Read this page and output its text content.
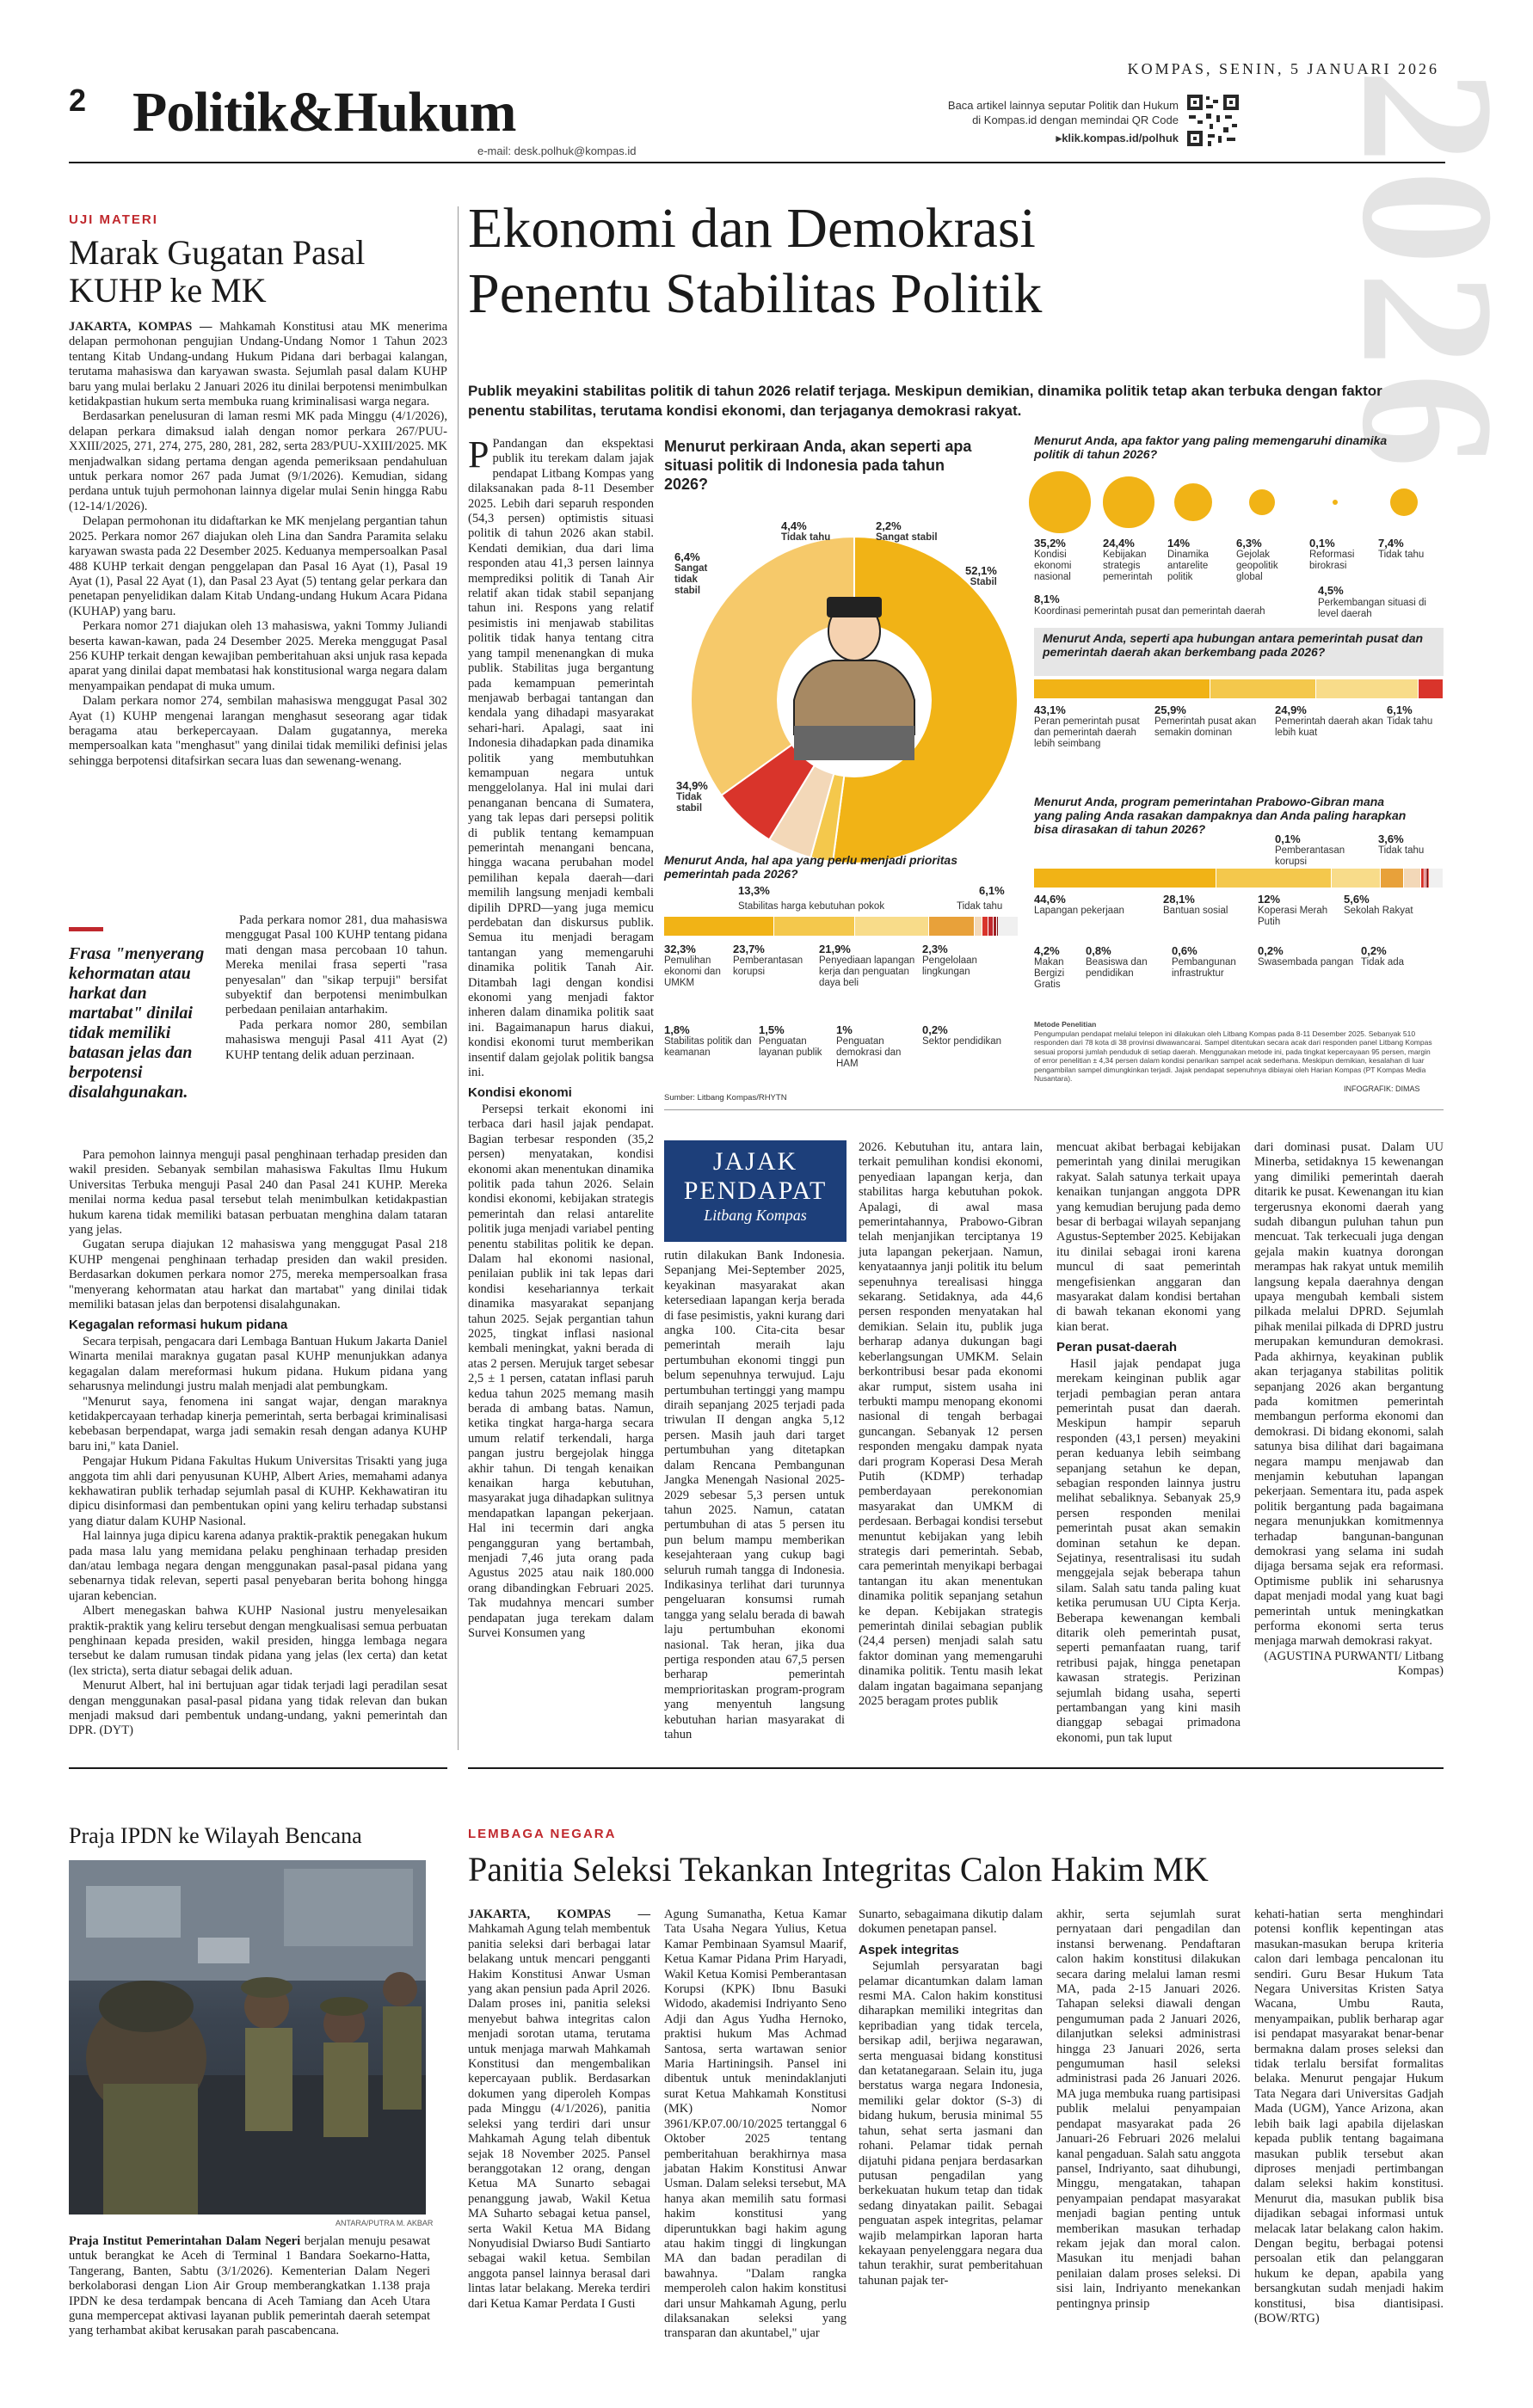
2 Politik&Hukum
e-mail: desk.polhuk@kompas.id
KOMPAS, SENIN, 5 JANUARI 2026
Baca artikel lainnya seputar Politik dan Hukum
di Kompas.id dengan memindai QR Code
▸klik.kompas.id/polhuk 2026
UJI MATERI
Marak Gugatan Pasal KUHP ke MK

JAKARTA, KOMPAS — Mahkamah Konstitusi atau MK menerima delapan permohonan pengujian Undang-Undang Nomor 1 Tahun 2023 tentang Kitab Undang-undang Hukum Pidana dari berbagai kalangan, terutama mahasiswa dan karyawan swasta. Sejumlah pasal dalam KUHP baru yang mulai berlaku 2 Januari 2026 itu dinilai berpotensi menimbulkan ketidakpastian hukum serta membuka ruang kriminalisasi warga negara.

Berdasarkan penelusuran di laman resmi MK pada Minggu (4/1/2026), delapan perkara dimaksud ialah dengan nomor perkara 267/PUU-XXIII/2025, 271, 274, 275, 280, 281, 282, serta 283/PUU-XXIII/2025. MK menjadwalkan sidang pertama dengan agenda pemeriksaan pendahuluan untuk perkara nomor 267 pada Jumat (9/1/2026). Kemudian, sidang perdana untuk tujuh permohonan lainnya digelar mulai Senin hingga Rabu (12-14/1/2026).

Delapan permohonan itu didaftarkan ke MK menjelang pergantian tahun 2025. Perkara nomor 267 diajukan oleh Lina dan Sandra Paramita selaku karyawan swasta pada 22 Desember 2025. Keduanya mempersoalkan Pasal 488 KUHP terkait dengan penggelapan dan Pasal 16 Ayat (1), Pasal 19 Ayat (1), Pasal 22 Ayat (1), dan Pasal 23 Ayat (5) tentang gelar perkara dan penetapan penyelidikan dalam Kitab Undang-undang Hukum Acara Pidana (KUHAP) yang baru.

Perkara nomor 271 diajukan oleh 13 mahasiswa, yakni Tommy Juliandi beserta kawan-kawan, pada 24 Desember 2025. Mereka menggugat Pasal 256 KUHP terkait dengan kewajiban pemberitahuan aksi unjuk rasa kepada aparat yang dinilai dapat membatasi hak konstitusional warga negara dalam menyampaikan pendapat di muka umum.

Dalam perkara nomor 274, sembilan mahasiswa menggugat Pasal 302 Ayat (1) KUHP mengenai larangan menghasut seseorang agar tidak beragama atau berkepercayaan. Dalam gugatannya, mereka mempersoalkan kata "menghasut" yang dinilai tidak memiliki definisi jelas sehingga berpotensi ditafsirkan secara luas dan sewenang-wenang.

Frasa "menyerang kehormatan atau harkat dan martabat" dinilai tidak memiliki batasan jelas dan berpotensi disalahgunakan.

Pada perkara nomor 281, dua mahasiswa menggugat Pasal 100 KUHP tentang pidana mati dengan masa percobaan 10 tahun. Mereka menilai frasa seperti "rasa penyesalan" dan "sikap terpuji" bersifat subyektif dan berpotensi menimbulkan perbedaan penilaian antarhakim.

Pada perkara nomor 280, sembilan mahasiswa menguji Pasal 411 Ayat (2) KUHP tentang delik aduan perzinaan.

Para pemohon lainnya menguji pasal penghinaan terhadap presiden dan wakil presiden. Sebanyak sembilan mahasiswa Fakultas Ilmu Hukum Universitas Terbuka menguji Pasal 240 dan Pasal 241 KUHP. Mereka menilai norma kedua pasal tersebut telah menimbulkan ketidakpastian hukum karena tidak memiliki batasan perbuatan menghina dalam tataran yang jelas.

Gugatan serupa diajukan 12 mahasiswa yang menggugat Pasal 218 KUHP mengenai penghinaan terhadap presiden dan wakil presiden. Berdasarkan dokumen perkara nomor 275, mereka mempersoalkan frasa "menyerang kehormatan atau harkat dan martabat" yang dinilai tidak memiliki batasan jelas dan berpotensi disalahgunakan.

Kegagalan reformasi hukum pidana

Secara terpisah, pengacara dari Lembaga Bantuan Hukum Jakarta Daniel Winarta menilai maraknya gugatan pasal KUHP menunjukkan adanya kegagalan dalam mereformasi hukum pidana. Hukum pidana yang seharusnya melindungi justru malah menjadi alat pembungkam.

"Menurut saya, fenomena ini sangat wajar, dengan maraknya ketidakpercayaan terhadap kinerja pemerintah, serta berbagai kriminalisasi kebebasan berpendapat, warga jadi semakin resah dengan adanya KUHP baru ini," kata Daniel.

Pengajar Hukum Pidana Fakultas Hukum Universitas Trisakti yang juga anggota tim ahli dari penyusunan KUHP, Albert Aries, memahami adanya kekhawatiran publik terhadap sejumlah pasal di KUHP. Kekhawatiran itu dipicu disinformasi dan pembentukan opini yang keliru terhadap substansi yang diatur dalam KUHP Nasional.

Hal lainnya juga dipicu karena adanya praktik-praktik penegakan hukum pada masa lalu yang memidana pelaku penghinaan terhadap presiden dan/atau lembaga negara dengan menggunakan pasal-pasal pidana yang sebenarnya tidak relevan, seperti pasal penyebaran berita bohong hingga ujaran kebencian.

Albert menegaskan bahwa KUHP Nasional justru menyelesaikan praktik-praktik yang keliru tersebut dengan mengkualisasi semua perbuatan penghinaan kepada presiden, wakil presiden, hingga lembaga negara tersebut ke dalam rumusan tindak pidana yang jelas (lex certa) dan ketat (lex stricta), serta diatur sebagai delik aduan.

Menurut Albert, hal ini bertujuan agar tidak terjadi lagi peradilan sesat dengan menggunakan pasal-pasal pidana yang tidak relevan dan bukan menjadi maksud dari pembentuk undang-undang, yakni pemerintah dan DPR. (DYT)

Praja IPDN ke Wilayah Bencana
ANTARA/PUTRA M. AKBAR
Praja Institut Pemerintahan Dalam Negeri berjalan menuju pesawat untuk berangkat ke Aceh di Terminal 1 Bandara Soekarno-Hatta, Tangerang, Banten, Sabtu (3/1/2026). Kementerian Dalam Negeri berkolaborasi dengan Lion Air Group memberangkatkan 1.138 praja IPDN ke desa terdampak bencana di Aceh Tamiang dan Aceh Utara guna mempercepat aktivasi layanan publik pemerintah daerah setempat yang terhambat akibat kerusakan parah pascabencana.
Ekonomi dan Demokrasi
Penentu Stabilitas Politik
Publik meyakini stabilitas politik di tahun 2026 relatif terjaga. Meskipun demikian, dinamika politik tetap akan terbuka dengan faktor penentu stabilitas, terutama kondisi ekonomi, dan terjaganya demokrasi rakyat.

P Pandangan dan ekspektasi publik itu terekam dalam jajak pendapat Litbang Kompas yang dilaksanakan pada 8-11 Desember 2025. Lebih dari separuh responden (54,3 persen) optimistis situasi politik di tahun 2026 akan stabil. Kendati demikian, dua dari lima responden atau 41,3 persen lainnya memprediksi politik di Tanah Air relatif akan tidak stabil sepanjang tahun ini. Respons yang relatif pesimistis ini menjawab stabilitas politik tidak hanya tentang citra yang tampil menenangkan di muka publik. Stabilitas juga bergantung pada kemampuan pemerintah menjawab berbagai tantangan dan kendala yang dihadapi masyarakat sehari-hari. Apalagi, saat ini Indonesia dihadapkan pada dinamika politik yang membutuhkan kemampuan negara untuk menggelolanya. Hal ini mulai dari penanganan bencana di Sumatera, yang tak lepas dari persepsi politik di publik tentang kemampuan pemerintah menangani bencana, hingga wacana perubahan model pemilihan kepala daerah—dari memilih langsung menjadi kembali dipilih DPRD—yang juga memicu perdebatan dan diskursus publik. Semua itu menjadi beragam tantangan yang memengaruhi dinamika politik Tanah Air. Ditambah lagi dengan kondisi ekonomi yang menjadi faktor inheren dalam dinamika politik saat ini. Bagaimanapun harus diakui, kondisi ekonomi turut memberikan insentif dalam gejolak politik bangsa ini.

Kondisi ekonomi

Persepsi terkait ekonomi ini terbaca dari hasil jajak pendapat. Bagian terbesar responden (35,2 persen) menyatakan, kondisi ekonomi akan menentukan dinamika politik pada tahun 2026. Selain kondisi ekonomi, kebijakan strategis pemerintah dan relasi antarelite politik juga menjadi variabel penting penentu stabilitas politik ke depan. Dalam hal ekonomi nasional, penilaian publik ini tak lepas dari kondisi kesehariannya terkait dinamika masyarakat sepanjang tahun 2025. Sejak pergantian tahun 2025, tingkat inflasi nasional kembali meningkat, yakni berada di atas 2 persen. Merujuk target sebesar 2,5 ± 1 persen, catatan inflasi paruh kedua tahun 2025 memang masih berada di ambang batas. Namun, ketika tingkat harga-harga secara umum relatif terkendali, harga pangan justru bergejolak hingga akhir tahun. Di tengah kenaikan kenaikan harga kebutuhan, masyarakat juga dihadapkan sulitnya mendapatkan lapangan pekerjaan. Hal ini tecermin dari angka pengangguran yang bertambah, menjadi 7,46 juta orang pada Agustus 2025 atau naik 180.000 orang dibandingkan Februari 2025. Tak mudahnya mencari sumber pendapatan juga terekam dalam Survei Konsumen yang

Menurut perkiraan Anda, akan seperti apa situasi politik di Indonesia pada tahun 2026?
52,1%
Stabil
2,2%
Sangat stabil
4,4%
Tidak tahu
6,4%
Sangat tidak stabil
34,9%
Tidak stabil
Menurut Anda, hal apa yang perlu menjadi prioritas pemerintah pada 2026?
13,3%
Stabilitas harga kebutuhan pokok
6,1%
Tidak tahu
32,3%
Pemulihan ekonomi dan UMKM
23,7%
Pemberantasan korupsi
21,9%
Penyediaan lapangan kerja dan penguatan daya beli
2,3%
Pengelolaan lingkungan
1,8%
Stabilitas politik dan keamanan
1,5%
Penguatan layanan publik
1%
Penguatan demokrasi dan HAM
0,2%
Sektor pendidikan
Sumber: Litbang Kompas/RHYTN
Menurut Anda, apa faktor yang paling memengaruhi dinamika politik di tahun 2026?
35,2%
Kondisi ekonomi nasional
24,4%
Kebijakan strategis pemerintah
14%
Dinamika antarelite politik
6,3%
Gejolak geopolitik global
0,1%
Reformasi birokrasi
7,4%
Tidak tahu
8,1%
Koordinasi pemerintah pusat dan pemerintah daerah
4,5%
Perkembangan situasi di level daerah
Menurut Anda, seperti apa hubungan antara pemerintah pusat dan pemerintah daerah akan berkembang pada 2026?
43,1%
Peran pemerintah pusat dan pemerintah daerah lebih seimbang
25,9%
Pemerintah pusat akan semakin dominan
24,9%
Pemerintah daerah akan lebih kuat
6,1%
Tidak tahu
Menurut Anda, program pemerintahan Prabowo-Gibran mana yang paling Anda rasakan dampaknya dan Anda paling harapkan bisa dirasakan di tahun 2026?
0,1%
Pemberantasan korupsi
3,6%
Tidak tahu
44,6%
Lapangan pekerjaan
28,1%
Bantuan sosial
12%
Koperasi Merah Putih
5,6%
Sekolah Rakyat
4,2%
Makan Bergizi Gratis
0,8%
Beasiswa dan pendidikan
0,6%
Pembangunan infrastruktur
0,2%
Swasembada pangan
0,2%
Tidak ada
Metode Penelitian
Pengumpulan pendapat melalui telepon ini dilakukan oleh Litbang Kompas pada 8-11 Desember 2025. Sebanyak 510 responden dari 78 kota di 38 provinsi diwawancarai. Sampel ditentukan secara acak dari responden panel Litbang Kompas sesuai proporsi jumlah penduduk di setiap daerah. Menggunakan metode ini, pada tingkat kepercayaan 95 persen, margin of error penelitian ± 4,34 persen dalam kondisi penarikan sampel acak sederhana. Meskipun demikian, kesalahan di luar pengambilan sampel dimungkinkan terjadi. Jajak pendapat sepenuhnya dibiayai oleh Harian Kompas (PT Kompas Media Nusantara).
INFOGRAFIK: DIMAS
JAJAK
PENDAPAT
Litbang Kompas
rutin dilakukan Bank Indonesia. Sepanjang Mei-September 2025, keyakinan masyarakat akan ketersediaan lapangan kerja berada di fase pesimistis, yakni kurang dari angka 100. Cita-cita besar pemerintah meraih laju pertumbuhan ekonomi tinggi pun belum sepenuhnya terwujud. Laju pertumbuhan tertinggi yang mampu diraih sepanjang 2025 terjadi pada triwulan II dengan angka 5,12 persen. Masih jauh dari target pertumbuhan yang ditetapkan dalam Rencana Pembangunan Jangka Menengah Nasional 2025-2029 sebesar 5,3 persen untuk tahun 2025. Namun, catatan pertumbuhan di atas 5 persen itu pun belum mampu memberikan kesejahteraan yang cukup bagi seluruh rumah tangga di Indonesia. Indikasinya terlihat dari turunnya pengeluaran konsumsi rumah tangga yang selalu berada di bawah laju pertumbuhan ekonomi nasional. Tak heran, jika dua pertiga responden atau 67,5 persen berharap pemerintah memprioritaskan program-program yang menyentuh langsung kebutuhan harian masyarakat di tahun
2026. Kebutuhan itu, antara lain, terkait pemulihan kondisi ekonomi, penyediaan lapangan kerja, dan stabilitas harga kebutuhan pokok. Apalagi, di awal masa pemerintahannya, Prabowo-Gibran telah menjanjikan terciptanya 19 juta lapangan pekerjaan. Namun, kenyataannya janji politik itu belum sepenuhnya terealisasi hingga sekarang. Setidaknya, ada 44,6 persen responden menyatakan hal demikian. Selain itu, publik juga berharap adanya dukungan bagi keberlangsungan UMKM. Selain berkontribusi besar pada ekonomi akar rumput, sistem usaha ini terbukti mampu menopang ekonomi nasional di tengah berbagai guncangan. Sebanyak 12 persen responden mengaku dampak nyata dari program Koperasi Desa Merah Putih (KDMP) terhadap pemberdayaan perekonomian masyarakat dan UMKM di perdesaan. Berbagai kondisi tersebut menuntut kebijakan yang lebih strategis dari pemerintah. Sebab, cara pemerintah menyikapi berbagai tantangan itu akan menentukan dinamika politik sepanjang setahun ke depan. Kebijakan strategis pemerintah dinilai sebagian publik (24,4 persen) menjadi salah satu faktor dominan yang memengaruhi dinamika politik. Tentu masih lekat dalam ingatan bagaimana sepanjang 2025 beragam protes publik

mencuat akibat berbagai kebijakan pemerintah yang dinilai merugikan rakyat. Salah satunya terkait upaya kenaikan tunjangan anggota DPR yang kemudian berujung pada demo besar di berbagai wilayah sepanjang Agustus-September 2025. Kebijakan itu dinilai sebagai ironi karena muncul di saat pemerintah mengefisienkan anggaran dan masyarakat dalam kondisi bertahan di bawah tekanan ekonomi yang kian berat.

Peran pusat-daerah

Hasil jajak pendapat juga merekam keinginan publik agar terjadi pembagian peran antara pemerintah pusat dan daerah. Meskipun hampir separuh responden (43,1 persen) meyakini peran keduanya lebih seimbang sepanjang setahun ke depan, sebagian responden lainnya justru melihat sebaliknya. Sebanyak 25,9 persen responden menilai pemerintah pusat akan semakin dominan setahun ke depan. Sejatinya, resentralisasi itu sudah menggejala sejak beberapa tahun silam. Salah satu tanda paling kuat ketika perumusan UU Cipta Kerja. Beberapa kewenangan kembali ditarik oleh pemerintah pusat, seperti pemanfaatan ruang, tarif retribusi pajak, hingga penetapan kawasan strategis. Perizinan sejumlah bidang usaha, seperti pertambangan yang kini masih dianggap sebagai primadona ekonomi, pun tak luput

dari dominasi pusat. Dalam UU Minerba, setidaknya 15 kewenangan yang dimiliki pemerintah daerah ditarik ke pusat. Kewenangan itu kian tergerusnya ekonomi daerah yang sudah dibangun puluhan tahun pun mencuat. Tak terkecuali juga dengan gejala makin kuatnya dorongan merampas hak rakyat untuk memilih langsung kepala daerahnya dengan upaya mengubah kembali sistem pilkada melalui DPRD. Sejumlah pihak menilai pilkada di DPRD justru merupakan kemunduran demokrasi. Pada akhirnya, keyakinan publik akan terjaganya stabilitas politik sepanjang 2026 akan bergantung pada komitmen pemerintah membangun performa ekonomi dan demokrasi. Di bidang ekonomi, salah satunya bisa dilihat dari bagaimana negara mampu menjawab dan menjamin kebutuhan lapangan pekerjaan. Sementara itu, pada aspek politik bergantung pada bagaimana negara menunjukkan komitmennya terhadap bangunan-bangunan demokrasi yang selama ini sudah dijaga bersama sejak era reformasi. Optimisme publik ini seharusnya dapat menjadi modal yang kuat bagi pemerintah untuk meningkatkan performa ekonomi serta terus menjaga marwah demokrasi rakyat.

(AGUSTINA PURWANTI/ Litbang Kompas)

LEMBAGA NEGARA
Panitia Seleksi Tekankan Integritas Calon Hakim MK

JAKARTA, KOMPAS — Mahkamah Agung telah membentuk panitia seleksi dari berbagai latar belakang untuk mencari pengganti Hakim Konstitusi Anwar Usman yang akan pensiun pada April 2026. Dalam proses ini, panitia seleksi menyebut bahwa integritas calon menjadi sorotan utama, terutama untuk menjaga marwah Mahkamah Konstitusi dan mengembalikan kepercayaan publik. Berdasarkan dokumen yang diperoleh Kompas pada Minggu (4/1/2026), panitia seleksi yang terdiri dari unsur Mahkamah Agung telah dibentuk sejak 18 November 2025. Pansel beranggotakan 12 orang, dengan Ketua MA Sunarto sebagai penanggung jawab, Wakil Ketua MA Suharto sebagai ketua pansel, serta Wakil Ketua MA Bidang Nonyudisial Dwiarso Budi Santiarto sebagai wakil ketua. Sembilan anggota pansel lainnya berasal dari lintas latar belakang. Mereka terdiri dari Ketua Kamar Perdata I Gusti

Agung Sumanatha, Ketua Kamar Tata Usaha Negara Yulius, Ketua Kamar Pembinaan Syamsul Maarif, Ketua Kamar Pidana Prim Haryadi, Wakil Ketua Komisi Pemberantasan Korupsi (KPK) Ibnu Basuki Widodo, akademisi Indriyanto Seno Adji dan Agus Yudha Hernoko, praktisi hukum Mas Achmad Santosa, serta wartawan senior Maria Hartiningsih. Pansel ini dibentuk untuk menindaklanjuti surat Ketua Mahkamah Konstitusi (MK) Nomor 3961/KP.07.00/10/2025 tertanggal 6 Oktober 2025 tentang pemberitahuan berakhirnya masa jabatan Hakim Konstitusi Anwar Usman. Dalam seleksi tersebut, MA hanya akan memilih satu formasi hakim konstitusi yang diperuntukkan bagi hakim agung atau hakim tinggi di lingkungan MA dan badan peradilan di bawahnya. "Dalam rangka memperoleh calon hakim konstitusi dari unsur Mahkamah Agung, perlu dilaksanakan seleksi yang transparan dan akuntabel," ujar

Sunarto, sebagaimana dikutip dalam dokumen penetapan pansel.

Aspek integritas

Sejumlah persyaratan bagi pelamar dicantumkan dalam laman resmi MA. Calon hakim konstitusi diharapkan memiliki integritas dan kepribadian yang tidak tercela, bersikap adil, berjiwa negarawan, serta menguasai bidang konstitusi dan ketatanegaraan. Selain itu, juga berstatus warga negara Indonesia, memiliki gelar doktor (S-3) di bidang hukum, berusia minimal 55 tahun, sehat serta jasmani dan rohani. Pelamar tidak pernah dijatuhi pidana penjara berdasarkan putusan pengadilan yang berkekuatan hukum tetap dan tidak sedang dinyatakan pailit. Sebagai penguatan aspek integritas, pelamar wajib melampirkan laporan harta kekayaan penyelenggara negara dua tahun terakhir, surat pemberitahuan tahunan pajak ter-

akhir, serta sejumlah surat pernyataan dari pengadilan dan instansi berwenang. Pendaftaran calon hakim konstitusi dilakukan secara daring melalui laman resmi MA, pada 2-15 Januari 2026. Tahapan seleksi diawali dengan pengumuman pada 2 Januari 2026, dilanjutkan seleksi administrasi hingga 23 Januari 2026, serta pengumuman hasil seleksi administrasi pada 26 Januari 2026. MA juga membuka ruang partisipasi publik melalui penyampaian pendapat masyarakat pada 26 Januari-26 Februari 2026 melalui kanal pengaduan. Salah satu anggota pansel, Indriyanto, saat dihubungi, Minggu, mengatakan, tahapan penyampaian pendapat masyarakat menjadi bagian penting untuk memberikan masukan terhadap rekam jejak dan moral calon. Masukan itu menjadi bahan penilaian dalam proses seleksi. Di sisi lain, Indriyanto menekankan pentingnya prinsip
kehati-hatian serta menghindari potensi konflik kepentingan atas masukan-masukan berupa kriteria calon dari lembaga pencalonan itu sendiri. Guru Besar Hukum Tata Negara Universitas Kristen Satya Wacana, Umbu Rauta, menyampaikan, publik berharap agar isi pendapat masyarakat benar-benar bermakna dalam proses seleksi dan tidak terlalu bersifat formalitas belaka. Menurut pengajar Hukum Tata Negara dari Universitas Gadjah Mada (UGM), Yance Arizona, akan lebih baik lagi apabila dijelaskan kepada publik tentang bagaimana masukan publik tersebut akan diproses menjadi pertimbangan dalam seleksi hakim konstitusi. Menurut dia, masukan publik bisa dijadikan sebagai informasi untuk melacak latar belakang calon hakim. Dengan begitu, berbagai potensi persoalan etik dan pelanggaran hukum ke depan, apabila yang bersangkutan sudah menjadi hakim konstitusi, bisa diantisipasi. (BOW/RTG)
